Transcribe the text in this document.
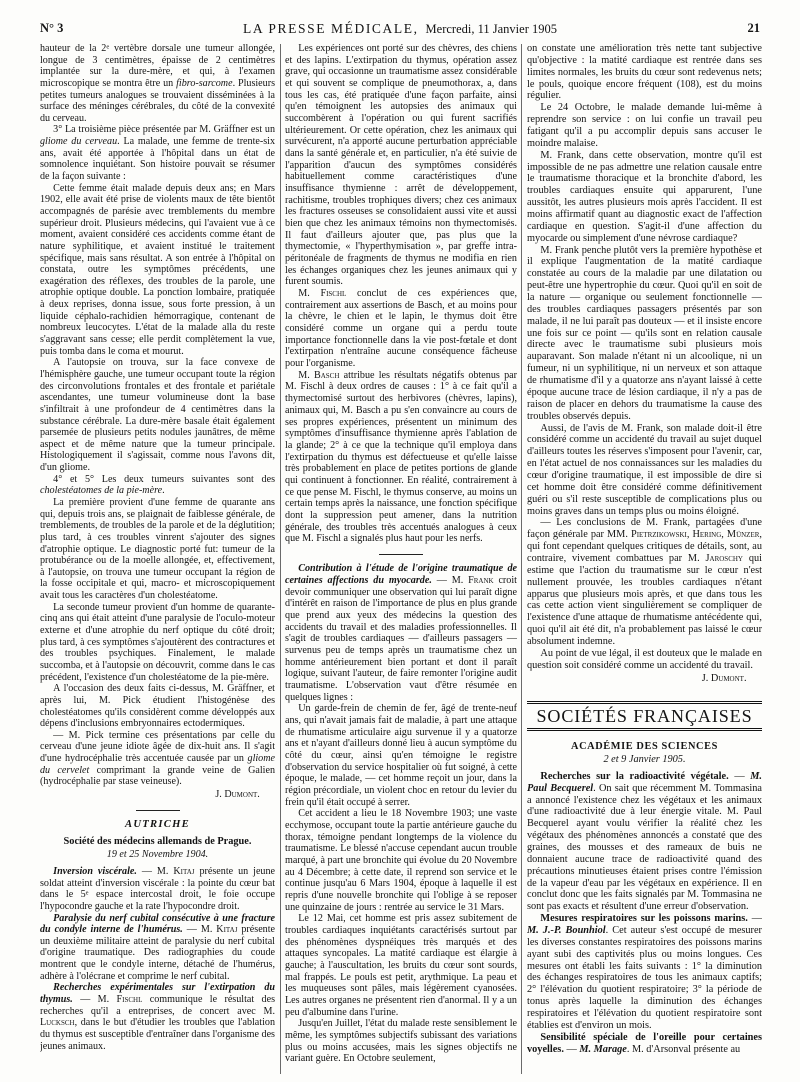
N° 3	LA PRESSE MÉDICALE, Mercredi, 11 Janvier 1905	21

hauteur de la 2e vertèbre dorsale une tumeur allongée, longue de 3 centimètres, épaisse de 2 centimètres implantée sur la dure-mère, et qui, à l'examen microscopique se montra être un fibro-sarcome. Plusieurs petites tumeurs analogues se trouvaient disséminées à la surface des méninges cérébrales, du côté de la convexité du cerveau.

3° La troisième pièce présentée par M. Gräffner est un gliome du cerveau. La malade, une femme de trente-six ans, avait été apportée à l'hôpital dans un état de somnolence inquiétant. Son histoire pouvait se résumer de la façon suivante :

Cette femme était malade depuis deux ans; en Mars 1902, elle avait été prise de violents maux de tête bientôt accompagnés de parésie avec tremblements du membre supérieur droit. Plusieurs médecins, qui l'avaient vue à ce moment, avaient considéré ces accidents comme étant de nature syphilitique, et avaient institué le traitement spécifique, mais sans résultat. A son entrée à l'hôpital on constata, outre les symptômes précédents, une exagération des réflexes, des troubles de la parole, une atrophie optique double. La ponction lombaire, pratiquée à deux reprises, donna issue, sous forte pression, à un liquide céphalo-rachidien hémorragique, contenant de nombreux leucocytes. L'état de la malade alla du reste s'aggravant sans cesse; elle perdit complètement la vue, puis tomba dans le coma et mourut.

A l'autopsie on trouva, sur la face convexe de l'hémisphère gauche, une tumeur occupant toute la région des circonvolutions frontales et des frontale et pariétale ascendantes, une tumeur volumineuse dont la base s'infiltrait à une profondeur de 4 centimètres dans la substance cérébrale. La dure-mère basale était également parsemée de plusieurs petits nodules jaunâtres, de même aspect et de même nature que la tumeur principale. Histologiquement il s'agissait, comme nous l'avons dit, d'un gliome.

4° et 5° Les deux tumeurs suivantes sont des cholestéatomes de la pie-mère.

La première provient d'une femme de quarante ans qui, depuis trois ans, se plaignait de faiblesse générale, de tremblements, de troubles de la parole et de la déglutition; plus tard, à ces troubles vinrent s'ajouter des signes d'atrophie optique. Le diagnostic porté fut: tumeur de la protubérance ou de la moelle allongée, et, effectivement, à l'autopsie, on trouva une tumeur occupant la région de la fosse occipitale et qui, macro- et microscopiquement avait tous les caractères d'un cholestéatome.

La seconde tumeur provient d'un homme de quarante-cinq ans qui était atteint d'une paralysie de l'oculo-moteur externe et d'une atrophie du nerf optique du côté droit; plus tard, à ces symptômes s'ajoutèrent des contractures et des troubles psychiques. Finalement, le malade succomba, et à l'autopsie on découvrit, comme dans le cas précédent, l'existence d'un cholestéatome de la pie-mère.

A l'occasion des deux faits ci-dessus, M. Gräffner, et après lui, M. Pick étudient l'histogénèse des cholestéatomes qu'ils considèrent comme développés aux dépens d'inclusions embryonnaires ectodermiques.

— M. Pick termine ces présentations par celle du cerveau d'une jeune idiote âgée de dix-huit ans. Il s'agit d'une hydrocéphalie très accentuée causée par un gliome du cervelet comprimant la grande veine de Galien (hydrocéphalie par stase veineuse).

J. Dumont.
AUTRICHE
Société des médecins allemands de Prague.
19 et 25 Novembre 1904.

Inversion viscérale. — M. Kitaj présente un jeune soldat atteint d'inversion viscérale : la pointe du cœur bat dans le 5e espace intercostal droit, le foie occupe l'hypocondre gauche et la rate l'hypocondre droit.

Paralysie du nerf cubital consécutive à une fracture du condyle interne de l'humérus. — M. Kitaj présente un deuxième militaire atteint de paralysie du nerf cubital d'origine traumatique. Des radiographies du coude montrent que le condyle interne, détaché de l'humérus, adhère à l'olécrane et comprime le nerf cubital.

Recherches expérimentales sur l'extirpation du thymus. — M. Fischl communique le résultat des recherches qu'il a entreprises, de concert avec M. Lucksch, dans le but d'étudier les troubles que l'ablation du thymus est susceptible d'entraîner dans l'organisme des jeunes animaux.

Les expériences ont porté sur des chèvres, des chiens et des lapins. L'extirpation du thymus, opération assez grave, qui occasionne un traumatisme assez considérable et qui souvent se complique de pneumothorax, a, dans tous les cas, été pratiquée d'une façon parfaite, ainsi qu'en témoignent les autopsies des animaux qui succombèrent à l'opération ou qui furent sacrifiés ultérieurement. Or cette opération, chez les animaux qui survécurent, n'a apporté aucune perturbation appréciable dans la santé générale et, en particulier, n'a été suivie de l'apparition d'aucun des symptômes considérés habituellement comme caractéristiques d'une insuffisance thymienne : arrêt de développement, rachitisme, troubles trophiques divers; chez ces animaux les fractures osseuses se consolidaient aussi vite et aussi bien que chez les animaux témoins non thymectomisés. Il faut d'ailleurs ajouter que, pas plus que la thymectomie, « l'hyperthymisation », par greffe intra-péritonéale de fragments de thymus ne modifia en rien les échanges organiques chez les jeunes animaux qui y furent soumis.

M. Fischl conclut de ces expériences que, contrairement aux assertions de Basch, et au moins pour la chèvre, le chien et le lapin, le thymus doit être considéré comme un organe qui a perdu toute importance fonctionnelle dans la vie post-fœtale et dont l'extirpation n'entraîne aucune conséquence fâcheuse pour l'organisme.

M. Basch attribue les résultats négatifs obtenus par M. Fischl à deux ordres de causes : 1° à ce fait qu'il a thymectomisé surtout des herbivores (chèvres, lapins), animaux qui, M. Basch a pu s'en convaincre au cours de ses propres expériences, présentent un minimum des symptômes d'insuffisance thymienne après l'ablation de la glande; 2° à ce que la technique qu'il employa dans l'extirpation du thymus est défectueuse et qu'elle laisse très probablement en place de petites portions de glande qui continuent à fonctionner. En réalité, contrairement à ce que pense M. Fischl, le thymus conserve, au moins un certain temps après la naissance, une fonction spécifique dont la suppression peut amener, dans la nutrition générale, des troubles très accentués analogues à ceux que M. Fischl a signalés plus haut pour les nerfs.

Contribution à l'étude de l'origine traumatique de certaines affections du myocarde. — M. Frank croit devoir communiquer une observation qui lui paraît digne d'intérêt en raison de l'importance de plus en plus grande que prend aux yeux des médecins la question des accidents du travail et des maladies professionnelles. Il s'agit de troubles cardiaques — d'ailleurs passagers — survenus peu de temps après un traumatisme chez un homme antérieurement bien portant et dont il paraît logique, suivant l'auteur, de faire remonter l'origine audit traumatisme. L'observation vaut d'être résumée en quelques lignes :

Un garde-frein de chemin de fer, âgé de trente-neuf ans, qui n'avait jamais fait de maladie, à part une attaque de rhumatisme articulaire aigu survenue il y a quatorze ans et n'ayant d'ailleurs donné lieu à aucun symptôme du côté du cœur, ainsi qu'en témoigne le registre d'observation du service hospitalier où fut soigné, à cette époque, le malade, — cet homme reçoit un jour, dans la région précordiale, un violent choc en retour du levier du frein qu'il était occupé à serrer.

Cet accident a lieu le 18 Novembre 1903; une vaste ecchymose, occupant toute la partie antérieure gauche du thorax, témoigne pendant longtemps de la violence du traumatisme. Le blessé n'accuse cependant aucun trouble marqué, à part une bronchite qui évolue du 20 Novembre au 4 Décembre; à cette date, il reprend son service et le continue jusqu'au 6 Mars 1904, époque à laquelle il est repris d'une nouvelle bronchite qui l'oblige à se reposer une quinzaine de jours : rentrée au service le 31 Mars.

Le 12 Mai, cet homme est pris assez subitement de troubles cardiaques inquiétants caractérisés surtout par des phénomènes dyspnéiques très marqués et des attaques syncopales. La matité cardiaque est élargie à gauche; à l'auscultation, les bruits du cœur sont sourds, mal frappés. Le pouls est petit, arythmique. La peau et les muqueuses sont pâles, mais légèrement cyanosées. Les autres organes ne présentent rien d'anormal. Il y a un peu d'albumine dans l'urine.

Jusqu'en Juillet, l'état du malade reste sensiblement le même, les symptômes subjectifs subissant des variations plus ou moins accusées, mais les signes objectifs ne variant guère. En Octobre seulement,

on constate une amélioration très nette tant subjective qu'objective : la matité cardiaque est rentrée dans ses limites normales, les bruits du cœur sont redevenus nets; le pouls, quoique encore fréquent (108), est du moins régulier.

Le 24 Octobre, le malade demande lui-même à reprendre son service : on lui confie un travail peu fatigant qu'il a pu accomplir depuis sans accuser le moindre malaise.

M. Frank, dans cette observation, montre qu'il est impossible de ne pas admettre une relation causale entre le traumatisme thoracique et la bronchite d'abord, les troubles cardiaques ensuite qui apparurent, l'une aussitôt, les autres plusieurs mois après l'accident. Il est moins affirmatif quant au diagnostic exact de l'affection cardiaque en question. S'agit-il d'une affection du myocarde ou simplement d'une névrose cardiaque?

M. Frank penche plutôt vers la première hypothèse et il explique l'augmentation de la matité cardiaque constatée au cours de la maladie par une dilatation ou peut-être une hypertrophie du cœur. Quoi qu'il en soit de la nature — organique ou seulement fonctionnelle — des troubles cardiaques passagers présentés par son malade, il ne lui paraît pas douteux — et il insiste encore une fois sur ce point — qu'ils sont en relation causale directe avec le traumatisme subi plusieurs mois auparavant. Son malade n'étant ni un alcoolique, ni un fumeur, ni un syphilitique, ni un nerveux et son attaque de rhumatisme d'il y a quatorze ans n'ayant laissé à cette époque aucune trace de lésion cardiaque, il n'y a pas de raison de placer en dehors du traumatisme la cause des troubles observés depuis.

Aussi, de l'avis de M. Frank, son malade doit-il être considéré comme un accidenté du travail au sujet duquel d'ailleurs toutes les réserves s'imposent pour l'avenir, car, en l'état actuel de nos connaissances sur les maladies du cœur d'origine traumatique, il est impossible de dire si cet homme doit être considéré comme définitivement guéri ou s'il reste susceptible de complications plus ou moins graves dans un temps plus ou moins éloigné.

— Les conclusions de M. Frank, partagées d'une façon générale par MM. Pietrzikowski, Hering, Münzer, qui font cependant quelques critiques de détails, sont, au contraire, vivement combattues par M. Jaroschy qui estime que l'action du traumatisme sur le cœur n'est nullement prouvée, les troubles cardiaques n'étant apparus que plusieurs mois après, et que dans tous les cas cette action vient singulièrement se compliquer de l'existence d'une attaque de rhumatisme antécédente qui, quoi qu'il ait été dit, n'a probablement pas laissé le cœur absolument indemne.

Au point de vue légal, il est douteux que le malade en question soit considéré comme un accidenté du travail.

J. Dumont.
SOCIÉTÉS FRANÇAISES
ACADÉMIE DES SCIENCES
2 et 9 Janvier 1905.

Recherches sur la radioactivité végétale. — M. Paul Becquerel. On sait que récemment M. Tommasina a annoncé l'existence chez les végétaux et les animaux d'une radioactivité due à leur énergie vitale. M. Paul Becquerel ayant voulu vérifier la réalité chez les végétaux des phénomènes annoncés a constaté que des graines, des mousses et des rameaux de buis ne donnaient aucune trace de radioactivité quand des précautions minutieuses étaient prises contre l'émission de la vapeur d'eau par les végétaux en expérience. Il en conclut donc que les faits signalés par M. Tommasina ne sont pas exacts et résultent d'une erreur d'observation.

Mesures respiratoires sur les poissons marins. — M. J.-P. Bounhiol. Cet auteur s'est occupé de mesurer les diverses constantes respiratoires des poissons marins ayant subi des captivités plus ou moins longues. Ces mesures ont établi les faits suivants : 1° la diminution des échanges respiratoires de tous les animaux captifs; 2° l'élévation du quotient respiratoire; 3° la période de tonus après laquelle la diminution des échanges respiratoires et l'élévation du quotient respiratoire sont établies est d'environ un mois.

Sensibilité spéciale de l'oreille pour certaines voyelles. — M. Marage. M. d'Arsonval présente au
